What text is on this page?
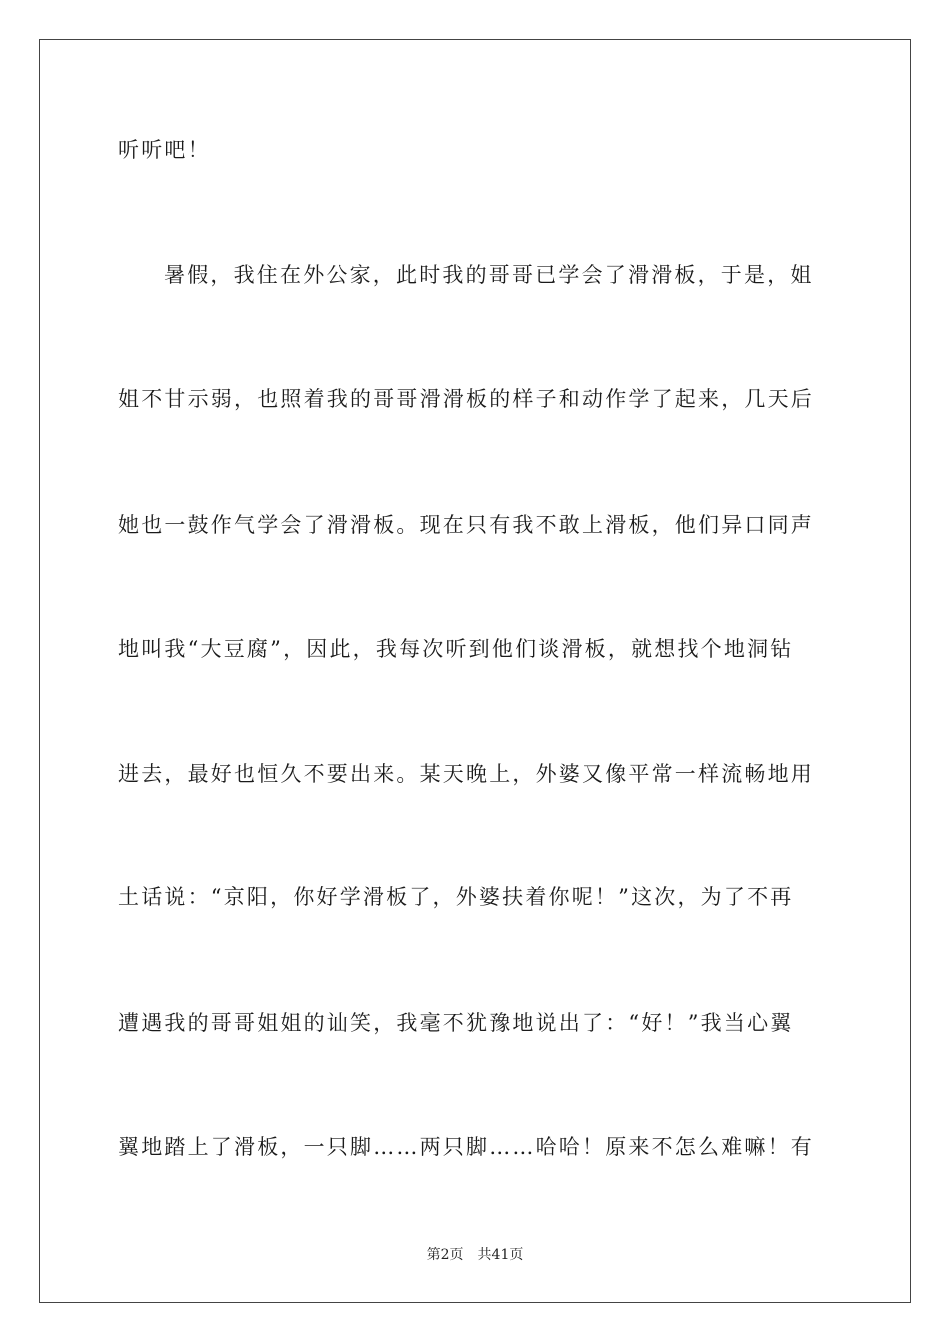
听听吧！
暑假，我住在外公家，此时我的哥哥已学会了滑滑板，于是，姐
姐不甘示弱，也照着我的哥哥滑滑板的样子和动作学了起来，几天后
她也一鼓作气学会了滑滑板。现在只有我不敢上滑板，他们异口同声
地叫我“大豆腐”，因此，我每次听到他们谈滑板，就想找个地洞钻
进去，最好也恒久不要出来。某天晚上，外婆又像平常一样流畅地用
土话说：“京阳，你好学滑板了，外婆扶着你呢！”这次，为了不再
遭遇我的哥哥姐姐的讪笑，我毫不犹豫地说出了：“好！”我当心翼
翼地踏上了滑板，一只脚……两只脚……哈哈！原来不怎么难嘛！有
第2页 共41页
